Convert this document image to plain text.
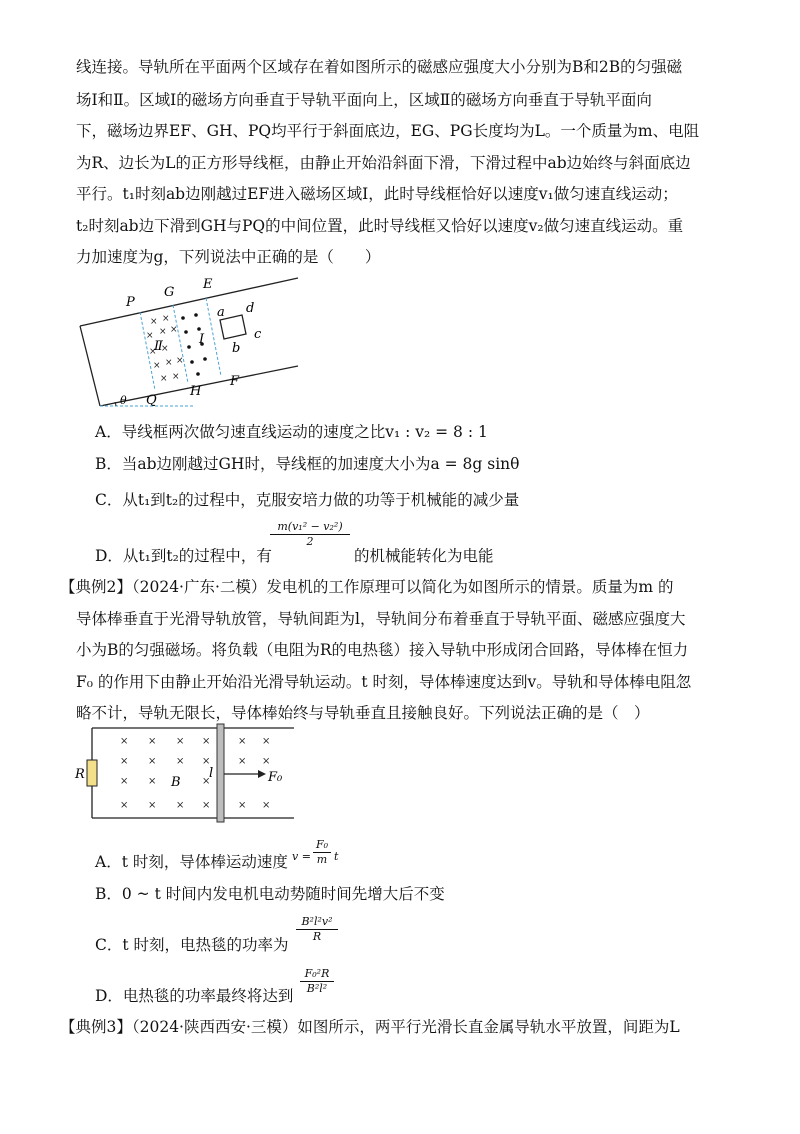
线连接。导轨所在平面两个区域存在着如图所示的磁感应强度大小分别为B和2B的匀强磁
场Ⅰ和Ⅱ。区域Ⅰ的磁场方向垂直于导轨平面向上，区域Ⅱ的磁场方向垂直于导轨平面向
下，磁场边界EF、GH、PQ均平行于斜面底边，EG、PG长度均为L。一个质量为m、电阻
为R、边长为L的正方形导线框，由静止开始沿斜面下滑，下滑过程中ab边始终与斜面底边
平行。t₁时刻ab边刚越过EF进入磁场区域Ⅰ，此时导线框恰好以速度v₁做匀速直线运动；
t₂时刻ab边下滑到GH与PQ的中间位置，此时导线框又恰好以速度v₂做匀速直线运动。重
力加速度为g，下列说法中正确的是（　　）
θ
× ×
× × ×
× ×
× × ×
× ×
P
G
E
Q
H
F
a d
b
c
Ⅰ
Ⅱ
A．导线框两次做匀速直线运动的速度之比v₁ : v₂ = 8 : 1
B．当ab边刚越过GH时，导线框的加速度大小为a = 8g sinθ
C．从t₁到t₂的过程中，克服安培力做的功等于机械能的减少量
D．从t₁到t₂的过程中，有
$\frac{\text{m(v₁² − v₂²)}}{2}$
的机械能转化为电能
【典例2】（2024·广东·二模）发电机的工作原理可以简化为如图所示的情景。质量为m 的
导体棒垂直于光滑导轨放管，导轨间距为l，导轨间分布着垂直于导轨平面、磁感应强度大
小为B的匀强磁场。将负载（电阻为R的电热毯）接入导轨中形成闭合回路，导体棒在恒力
F₀ 的作用下由静止开始沿光滑导轨运动。t 时刻，导体棒速度达到v。导轨和导体棒电阻忽
略不计，导轨无限长，导体棒始终与导轨垂直且接触良好。下列说法正确的是（　）
R
× × × ×	× ×
× × × ×	× ×
× ×	×
× × × ×	× ×
B
l	F₀
A．t 时刻，导体棒运动速度 $v = \frac{\text{F₀}}{m}$ t
B．0 ~ t 时间内发电机电动势随时间先增大后不变
C．t 时刻，电热毯的功率为
$\frac{\text{B²l²v²}}{R}$
D．电热毯的功率最终将达到
$\frac{\text{F₀²R}}{\text{B²l²}}$
【典例3】（2024·陕西西安·三模）如图所示，两平行光滑长直金属导轨水平放置，间距为L
